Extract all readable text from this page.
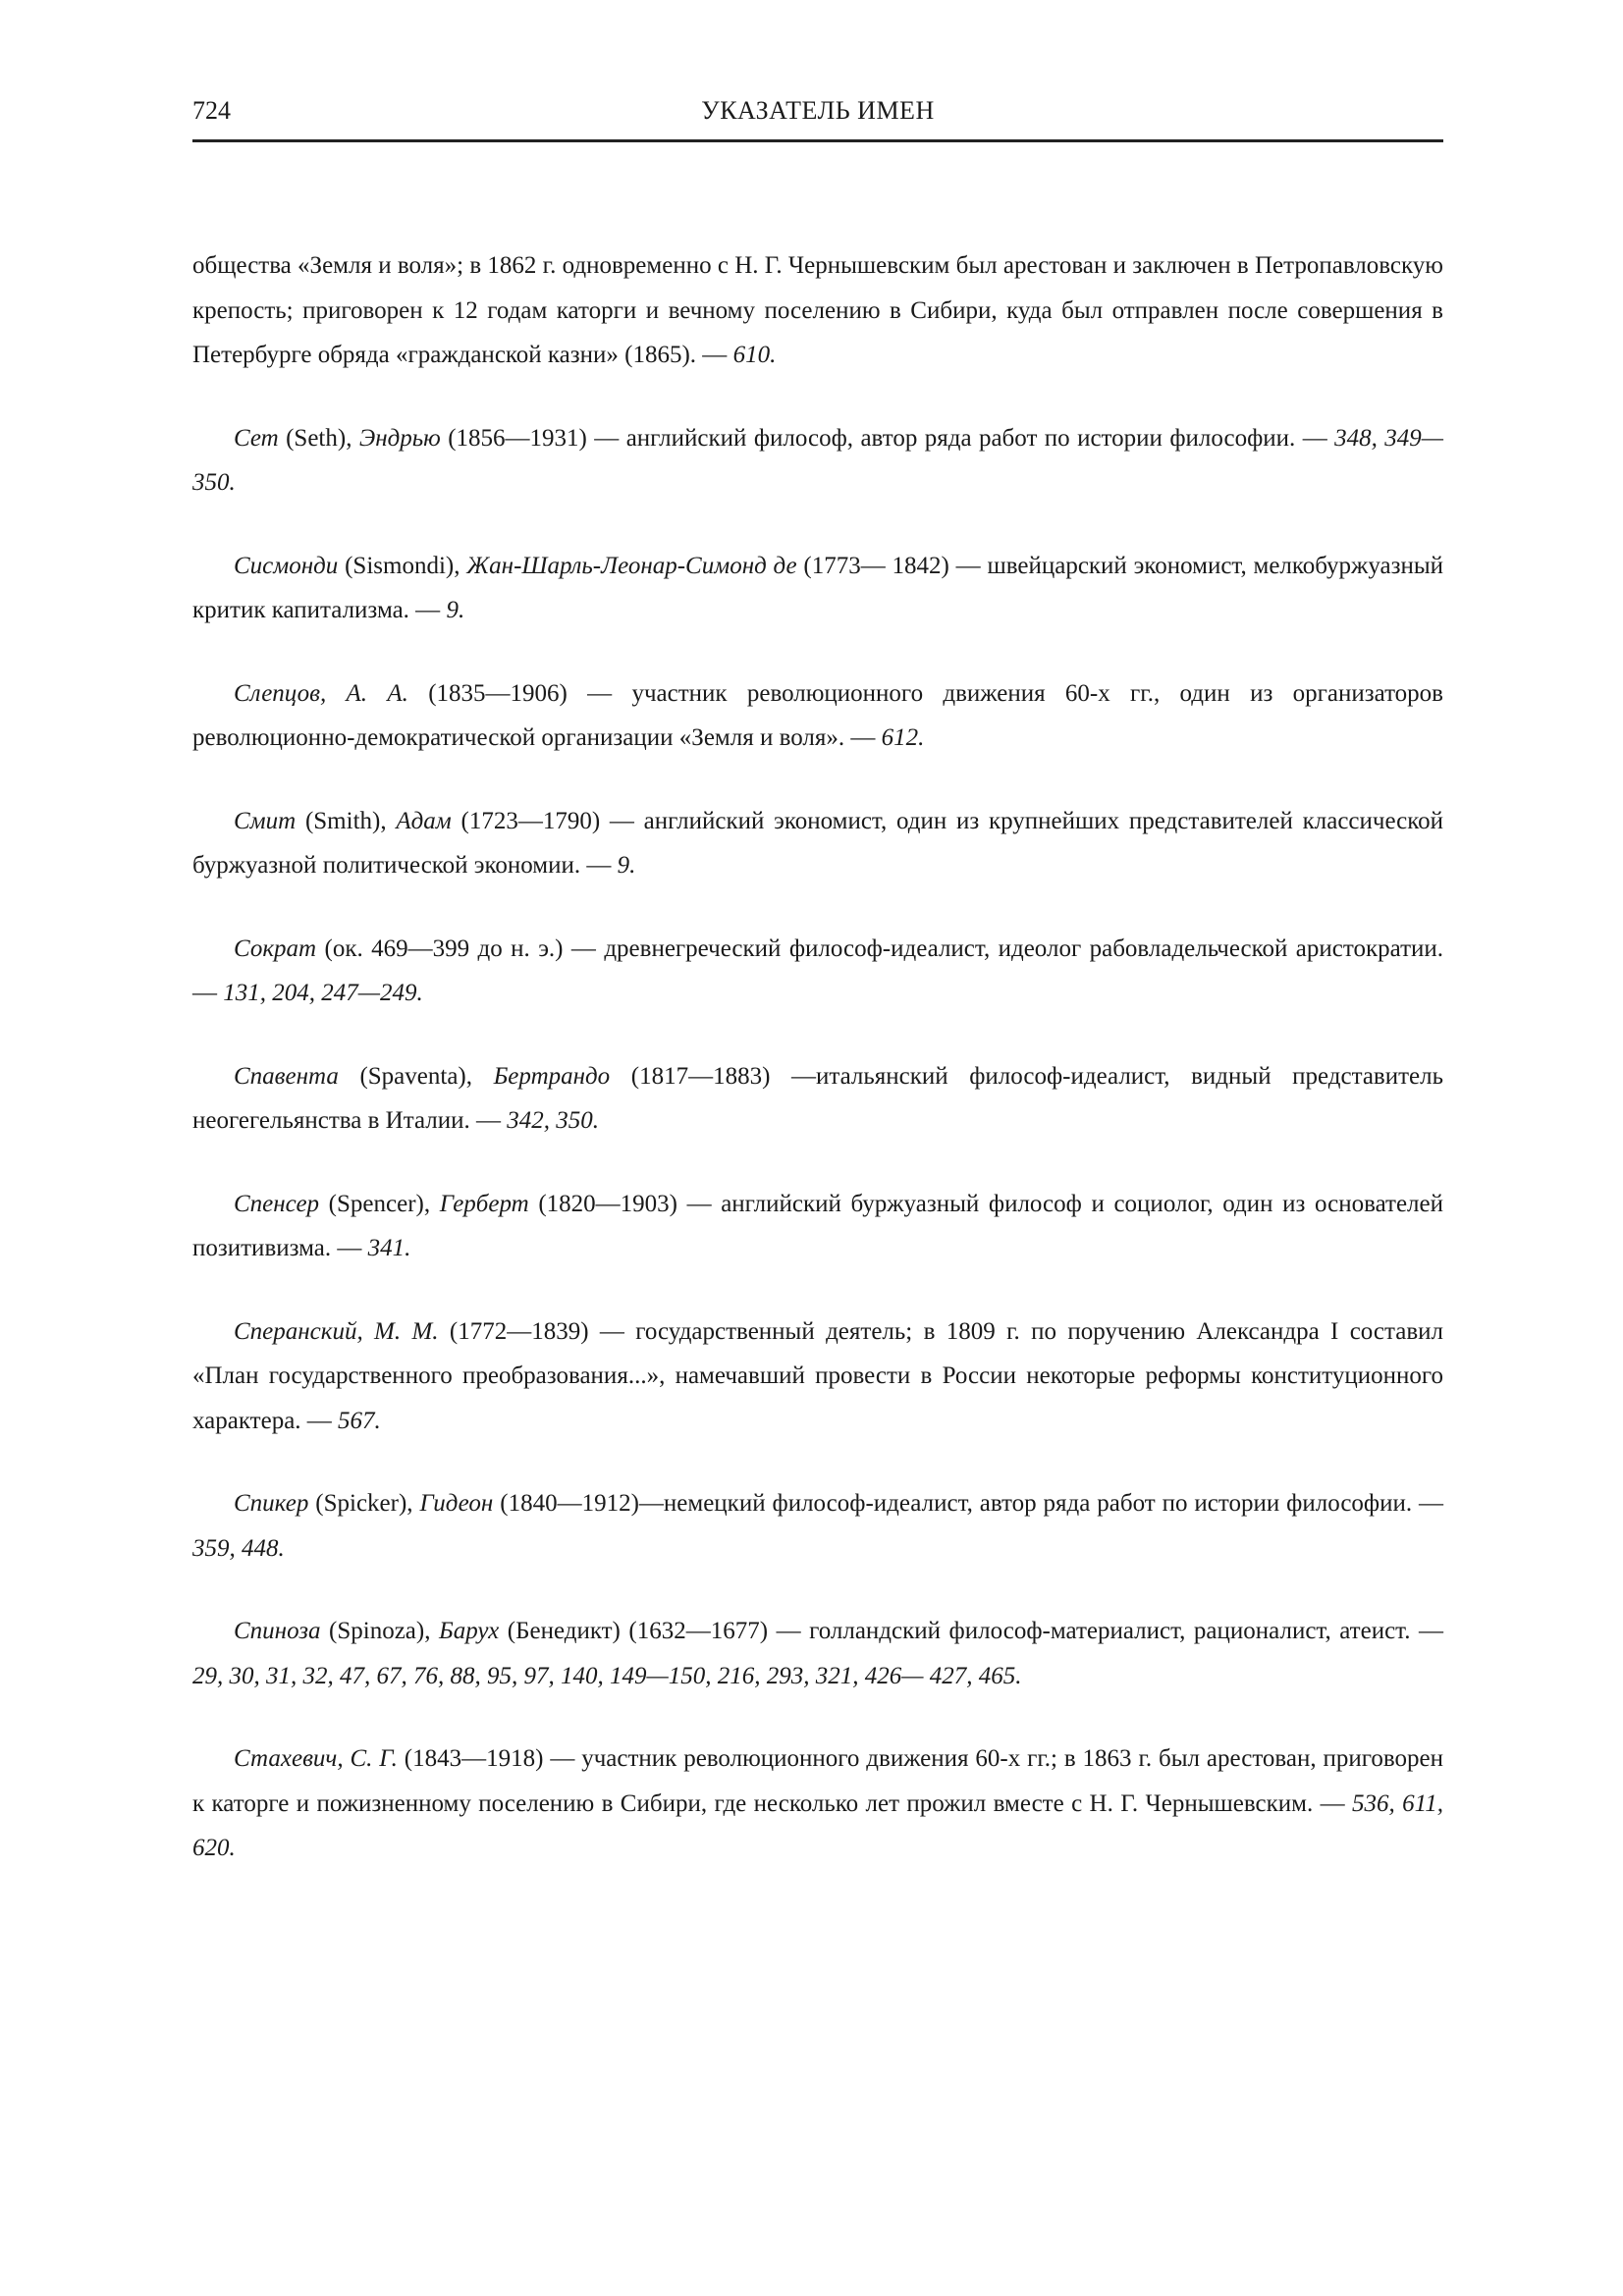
724	УКАЗАТЕЛЬ ИМЕН

общества «Земля и воля»; в 1862 г. одновременно с Н. Г. Чернышевским был арестован и заключен в Петропавловскую крепость; приговорен к 12 годам каторги и вечному поселению в Сибири, куда был отправлен после совершения в Петербурге обряда «гражданской казни» (1865). — 610.

Сет (Seth), Эндрью (1856—1931) — английский философ, автор ряда работ по истории философии. — 348, 349—350.

Сисмонди (Sismondi), Жан-Шарль-Леонар-Симонд де (1773— 1842) — швейцарский экономист, мелкобуржуазный критик капитализма. — 9.

Слепцов, А. А. (1835—1906) — участник революционного движения 60-х гг., один из организаторов революционно-демократической организации «Земля и воля». — 612.

Смит (Smith), Адам (1723—1790) — английский экономист, один из крупнейших представителей классической буржуазной политической экономии. — 9.

Сократ (ок. 469—399 до н. э.) — древнегреческий философ-идеалист, идеолог рабовладельческой аристократии. — 131, 204, 247—249.

Спавента (Spaventa), Бертрандо (1817—1883) —итальянский философ-идеалист, видный представитель неогегельянства в Италии. — 342, 350.

Спенсер (Spencer), Герберт (1820—1903) — английский буржуазный философ и социолог, один из основателей позитивизма. — 341.

Сперанский, М. М. (1772—1839) — государственный деятель; в 1809 г. по поручению Александра I составил «План государственного преобразования...», намечавший провести в России некоторые реформы конституционного характера. — 567.

Спикер (Spicker), Гидеон (1840—1912)—немецкий философ-идеалист, автор ряда работ по истории философии. — 359, 448.

Спиноза (Spinoza), Барух (Бенедикт) (1632—1677) — голландский философ-материалист, рационалист, атеист. — 29, 30, 31, 32, 47, 67, 76, 88, 95, 97, 140, 149—150, 216, 293, 321, 426— 427, 465.

Стахевич, С. Г. (1843—1918) — участник революционного движения 60-х гг.; в 1863 г. был арестован, приговорен к каторге и пожизненному поселению в Сибири, где несколько лет прожил вместе с Н. Г. Чернышевским. — 536, 611, 620.
